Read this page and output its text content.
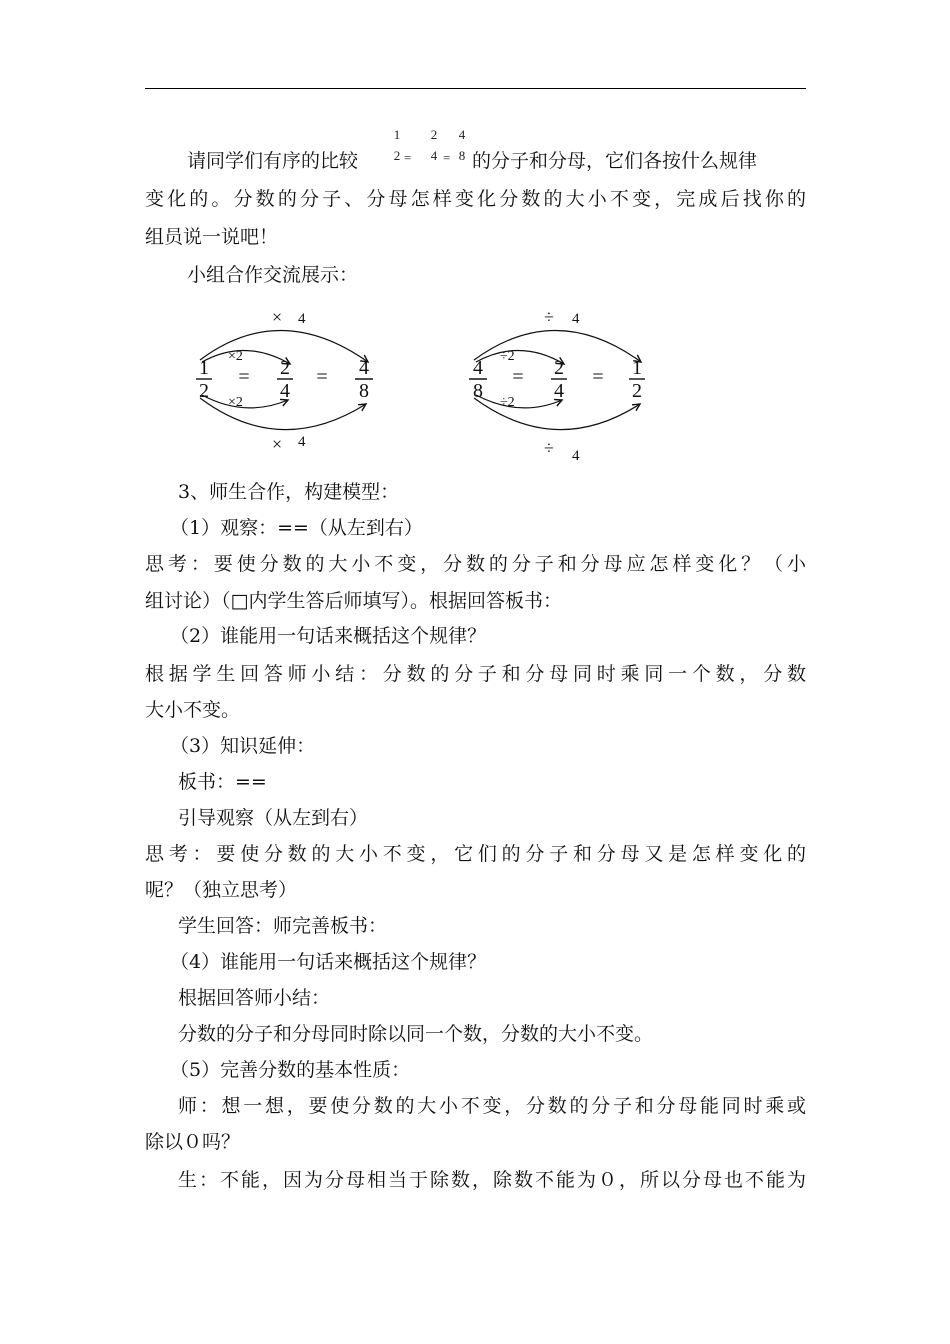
请同学们有序的比较
1
2 =
2
4 =
4
8 的分子和分母，它们各按什么规律
变化的。分数的分子、分母怎样变化分数的大小不变，完成后找你的
组员说一说吧！
小组合作交流展示：
× 4
×2
×2
× 4
1
2
= 2
4
= 4
8
÷ 4
÷2
÷2
÷ 4
4
8
= 2
4
= 1
2
3、师生合作，构建模型：
（1）观察：==（从左到右）
思考：要使分数的大小不变，分数的分子和分母应怎样变化？（小
组讨论）（□内学生答后师填写）。根据回答板书：
（2）谁能用一句话来概括这个规律？
根据学生回答师小结：分数的分子和分母同时乘同一个数，分数
大小不变。
（3）知识延伸：
板书：==
引导观察（从左到右）
思考：要使分数的大小不变，它们的分子和分母又是怎样变化的
呢？（独立思考）
学生回答：师完善板书：
（4）谁能用一句话来概括这个规律？
根据回答师小结：
分数的分子和分母同时除以同一个数，分数的大小不变。
（5）完善分数的基本性质：
师：想一想，要使分数的大小不变，分数的分子和分母能同时乘或
除以０吗？
生：不能，因为分母相当于除数，除数不能为０，所以分母也不能为
